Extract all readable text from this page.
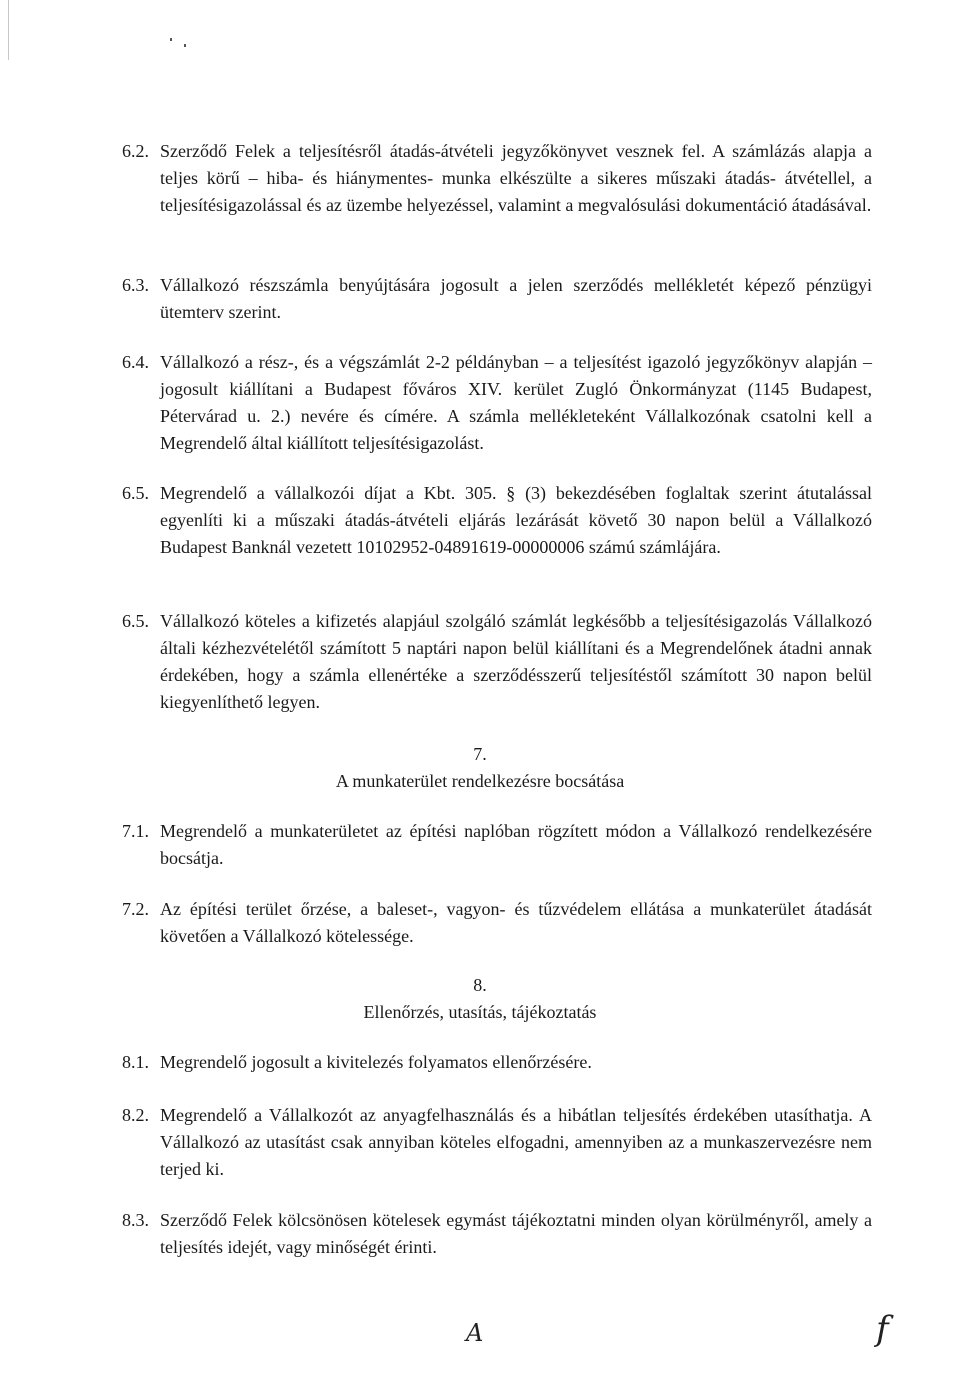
6.2. Szerződő Felek a teljesítésről átadás-átvételi jegyzőkönyvet vesznek fel. A számlázás alapja a teljes körű – hiba- és hiánymentes- munka elkészülte a sikeres műszaki átadás- átvétellel, a teljesítésigazolással és az üzembe helyezéssel, valamint a megvalósulási dokumentáció átadásával.
6.3. Vállalkozó részszámla benyújtására jogosult a jelen szerződés mellékletét képező pénzügyi ütemterv szerint.
6.4. Vállalkozó a rész-, és a végszámlát 2-2 példányban – a teljesítést igazoló jegyzőkönyv alapján – jogosult kiállítani a Budapest főváros XIV. kerület Zugló Önkormányzat (1145 Budapest, Pétervárad u. 2.) nevére és címére. A számla mellékleteként Vállalkozónak csatolni kell a Megrendelő által kiállított teljesítésigazolást.
6.5. Megrendelő a vállalkozói díjat a Kbt. 305. § (3) bekezdésében foglaltak szerint átutalással egyenlíti ki a műszaki átadás-átvételi eljárás lezárását követő 30 napon belül a Vállalkozó Budapest Banknál vezetett 10102952-04891619-00000006 számú számlájára.
6.5. Vállalkozó köteles a kifizetés alapjául szolgáló számlát legkésőbb a teljesítésigazolás Vállalkozó általi kézhezvételétől számított 5 naptári napon belül kiállítani és a Megrendelőnek átadni annak érdekében, hogy a számla ellenértéke a szerződésszerű teljesítéstől számított 30 napon belül kiegyenlíthető legyen.
7.
A munkaterület rendelkezésre bocsátása
7.1. Megrendelő a munkaterületet az építési naplóban rögzített módon a Vállalkozó rendelkezésére bocsátja.
7.2. Az építési terület őrzése, a baleset-, vagyon- és tűzvédelem ellátása a munkaterület átadását követően a Vállalkozó kötelessége.
8.
Ellenőrzés, utasítás, tájékoztatás
8.1. Megrendelő jogosult a kivitelezés folyamatos ellenőrzésére.
8.2. Megrendelő a Vállalkozót az anyagfelhasználás és a hibátlan teljesítés érdekében utasíthatja. A Vállalkozó az utasítást csak annyiban köteles elfogadni, amennyiben az a munkaszervezésre nem terjed ki.
8.3. Szerződő Felek kölcsönösen kötelesek egymást tájékoztatni minden olyan körülményről, amely a teljesítés idejét, vagy minőségét érinti.
A	f
